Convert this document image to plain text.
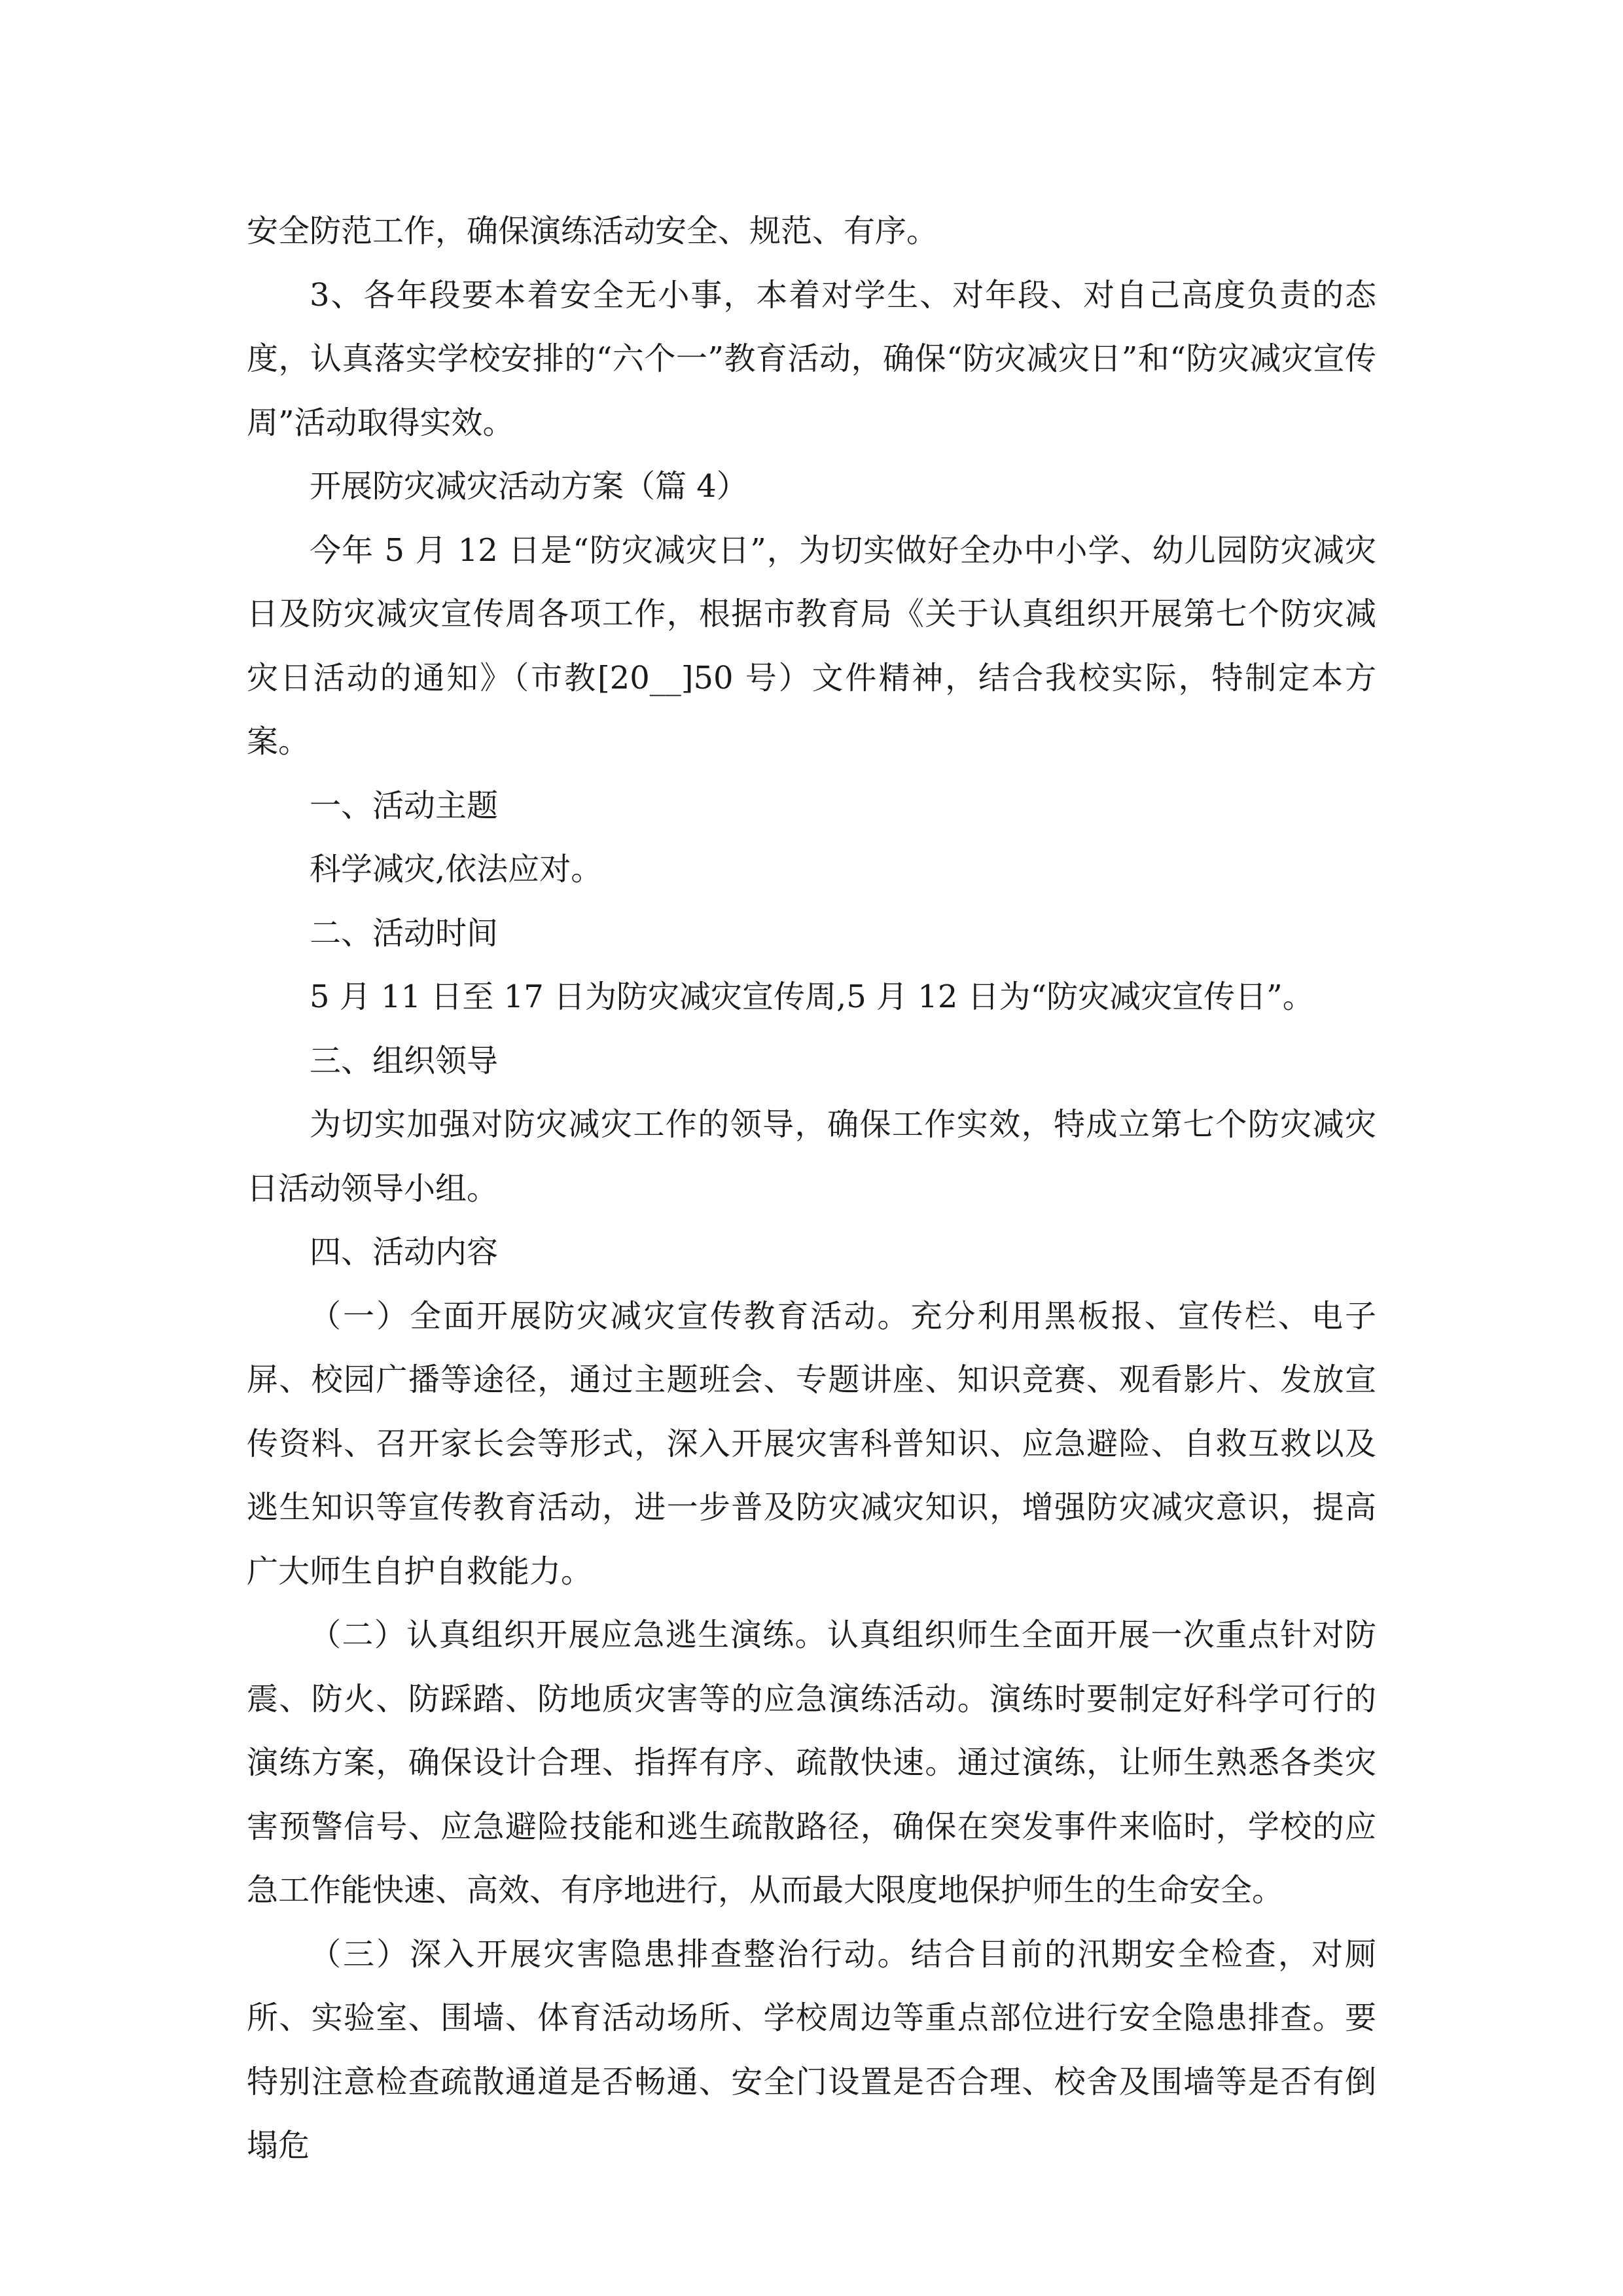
安全防范工作，确保演练活动安全、规范、有序。

3、各年段要本着安全无小事，本着对学生、对年段、对自己高度负责的态度，认真落实学校安排的“六个一”教育活动，确保“防灾减灾日”和“防灾减灾宣传周”活动取得实效。

开展防灾减灾活动方案（篇 4）

今年 5 月 12 日是“防灾减灾日”，为切实做好全办中小学、幼儿园防灾减灾日及防灾减灾宣传周各项工作，根据市教育局《关于认真组织开展第七个防灾减灾日活动的通知》（市教[20__]50 号）文件精神，结合我校实际，特制定本方案。

一、活动主题

科学减灾,依法应对。

二、活动时间

5 月 11 日至 17 日为防灾减灾宣传周,5 月 12 日为“防灾减灾宣传日”。

三、组织领导

为切实加强对防灾减灾工作的领导，确保工作实效，特成立第七个防灾减灾日活动领导小组。

四、活动内容

（一）全面开展防灾减灾宣传教育活动。充分利用黑板报、宣传栏、电子屏、校园广播等途径，通过主题班会、专题讲座、知识竞赛、观看影片、发放宣传资料、召开家长会等形式，深入开展灾害科普知识、应急避险、自救互救以及逃生知识等宣传教育活动，进一步普及防灾减灾知识，增强防灾减灾意识，提高广大师生自护自救能力。

（二）认真组织开展应急逃生演练。认真组织师生全面开展一次重点针对防震、防火、防踩踏、防地质灾害等的应急演练活动。演练时要制定好科学可行的演练方案，确保设计合理、指挥有序、疏散快速。通过演练，让师生熟悉各类灾害预警信号、应急避险技能和逃生疏散路径，确保在突发事件来临时，学校的应急工作能快速、高效、有序地进行，从而最大限度地保护师生的生命安全。

（三）深入开展灾害隐患排查整治行动。结合目前的汛期安全检查，对厕所、实验室、围墙、体育活动场所、学校周边等重点部位进行安全隐患排查。要特别注意检查疏散通道是否畅通、安全门设置是否合理、校舍及围墙等是否有倒塌危
